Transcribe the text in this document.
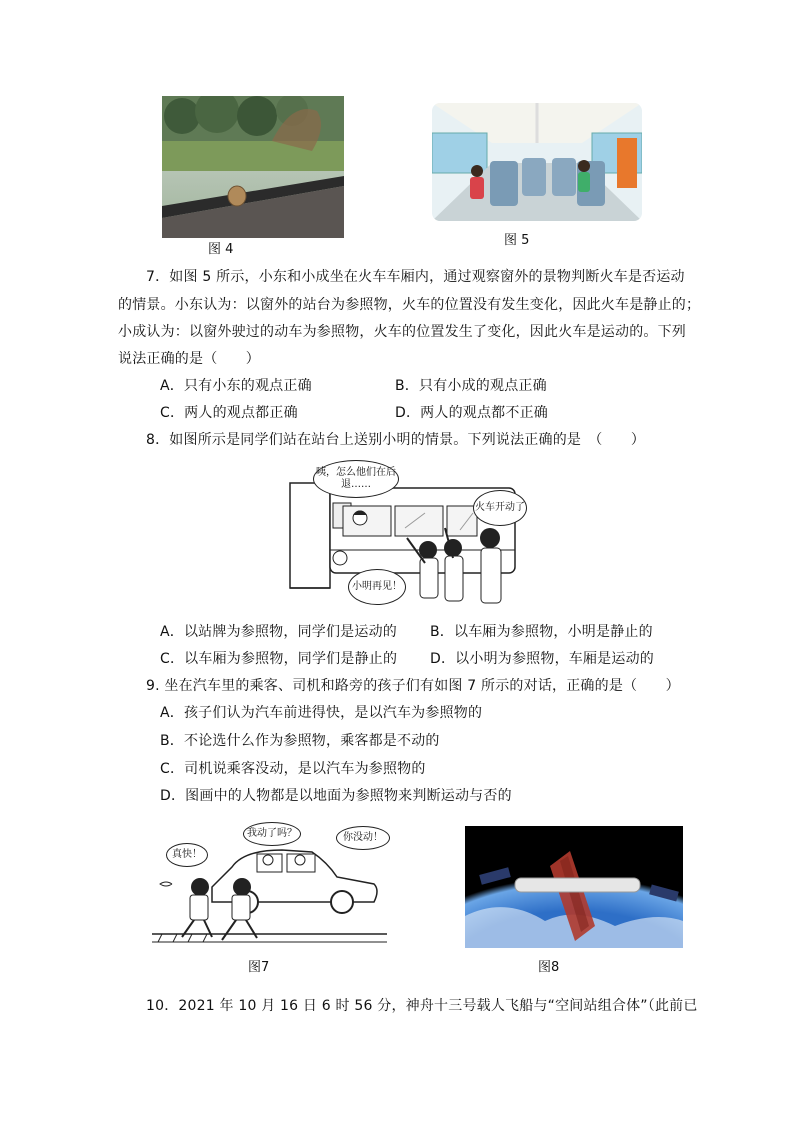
图 4
图 5
7．如图 5 所示，小东和小成坐在火车车厢内，通过观察窗外的景物判断火车是否运动
的情景。小东认为：以窗外的站台为参照物，火车的位置没有发生变化，因此火车是静止的；
小成认为：以窗外驶过的动车为参照物，火车的位置发生了变化，因此火车是运动的。下列
说法正确的是（　　）
A．只有小东的观点正确	B．只有小成的观点正确
C．两人的观点都正确	D．两人的观点都不正确
8．如图所示是同学们站在站台上送别小明的情景。下列说法正确的是　（　　）
咦，怎么他们在后退……
火车开动了
小明再见！
A．以站牌为参照物，同学们是运动的 B．以车厢为参照物，小明是静止的
C．以车厢为参照物，同学们是静止的 D．以小明为参照物，车厢是运动的
9. 坐在汽车里的乘客、司机和路旁的孩子们有如图 7 所示的对话，正确的是（　　）
A．孩子们认为汽车前进得快，是以汽车为参照物的
B．不论选什么作为参照物，乘客都是不动的
C．司机说乘客没动，是以汽车为参照物的
D．图画中的人物都是以地面为参照物来判断运动与否的
真快！
我动了吗？	你没动！
图7	图8
10．2021 年 10 月 16 日 6 时 56 分，神舟十三号载人飞船与“空间站组合体”（此前已
